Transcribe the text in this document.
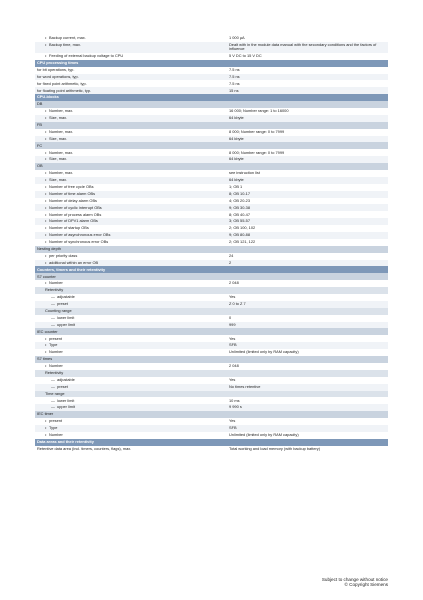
• Backup current, max.	1 000 μA
• Backup time, max.	Dealt with in the module data manual with the secondary conditions and the factors of influence
• Feeding of external backup voltage to CPU	5 V DC to 15 V DC
CPU processing times
for bit operations, typ.	7.5 ns
for word operations, typ.	7.5 ns
for fixed point arithmetic, typ.	7.5 ns
for floating point arithmetic, typ.	15 ns
CPU-blocks
DB
• Number, max.	16 000; Number range: 1 to 16000
• Size, max.	64 kbyte
FB
• Number, max.	8 000; Number range: 0 to 7999
• Size, max.	64 kbyte
FC
• Number, max.	8 000; Number range: 0 to 7999
• Size, max.	64 kbyte
OB
• Number, max.	see instruction list
• Size, max.	64 kbyte
• Number of free cycle OBs	1; OB 1
• Number of time alarm OBs	8; OB 10-17
• Number of delay alarm OBs	4; OB 20-23
• Number of cyclic interrupt OBs	9; OB 30-38
• Number of process alarm OBs	8; OB 40-47
• Number of DPV1 alarm OBs	3; OB 55-57
• Number of startup OBs	2; OB 100, 102
• Number of asynchronous error OBs	9; OB 80-88
• Number of synchronous error OBs	2; OB 121, 122
Nesting depth
• per priority class	24
• additional within an error OB	2
Counters, timers and their retentivity
S7 counter
• Number	2 048
Retentivity
— adjustable	Yes
— preset	Z 0 to Z 7
Counting range
— lower limit	0
— upper limit	999
IEC counter
• present	Yes
• Type	SFB
• Number	Unlimited (limited only by RAM capacity)
S7 times
• Number	2 048
Retentivity
— adjustable	Yes
— preset	No times retentive
Time range
— lower limit	10 ms
— upper limit	9 990 s
IEC timer
• present	Yes
• Type	SFB
• Number	Unlimited (limited only by RAM capacity)
Data areas and their retentivity
Retentive data area (incl. timers, counters, flags), max.	Total working and load memory (with backup battery)
Subject to change without notice
© Copyright Siemens
